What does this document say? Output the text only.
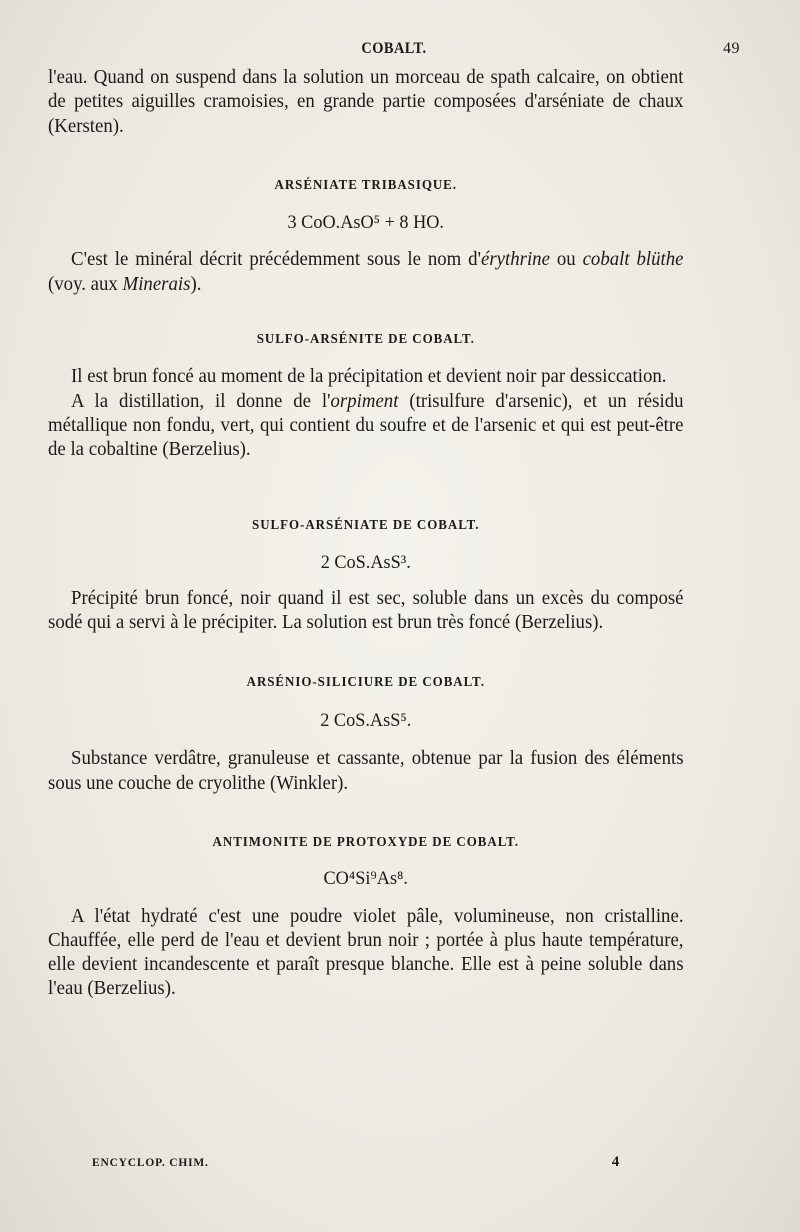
COBALT.	49

l'eau. Quand on suspend dans la solution un morceau de spath calcaire, on obtient de petites aiguilles cramoisies, en grande partie composées d'arséniate de chaux (Kersten).

ARSÉNIATE TRIBASIQUE.

3 CoO.AsO⁵ + 8 HO.

C'est le minéral décrit précédemment sous le nom d'érythrine ou cobalt blüthe (voy. aux Minerais).

SULFO-ARSÉNITE DE COBALT.

Il est brun foncé au moment de la précipitation et devient noir par dessiccation.

A la distillation, il donne de l'orpiment (trisulfure d'arsenic), et un résidu métallique non fondu, vert, qui contient du soufre et de l'arsenic et qui est peut-être de la cobaltine (Berzelius).

SULFO-ARSÉNIATE DE COBALT.

2 CoS.AsS³.

Précipité brun foncé, noir quand il est sec, soluble dans un excès du composé sodé qui a servi à le précipiter. La solution est brun très foncé (Berzelius).

ARSÉNIO-SILICIURE DE COBALT.

2 CoS.AsS⁵.

Substance verdâtre, granuleuse et cassante, obtenue par la fusion des éléments sous une couche de cryolithe (Winkler).

ANTIMONITE DE PROTOXYDE DE COBALT.

CO⁴Si⁹As⁸.

A l'état hydraté c'est une poudre violet pâle, volumineuse, non cristalline. Chauffée, elle perd de l'eau et devient brun noir ; portée à plus haute température, elle devient incandescente et paraît presque blanche. Elle est à peine soluble dans l'eau (Berzelius).

ENCYCLOP. CHIM.	4
